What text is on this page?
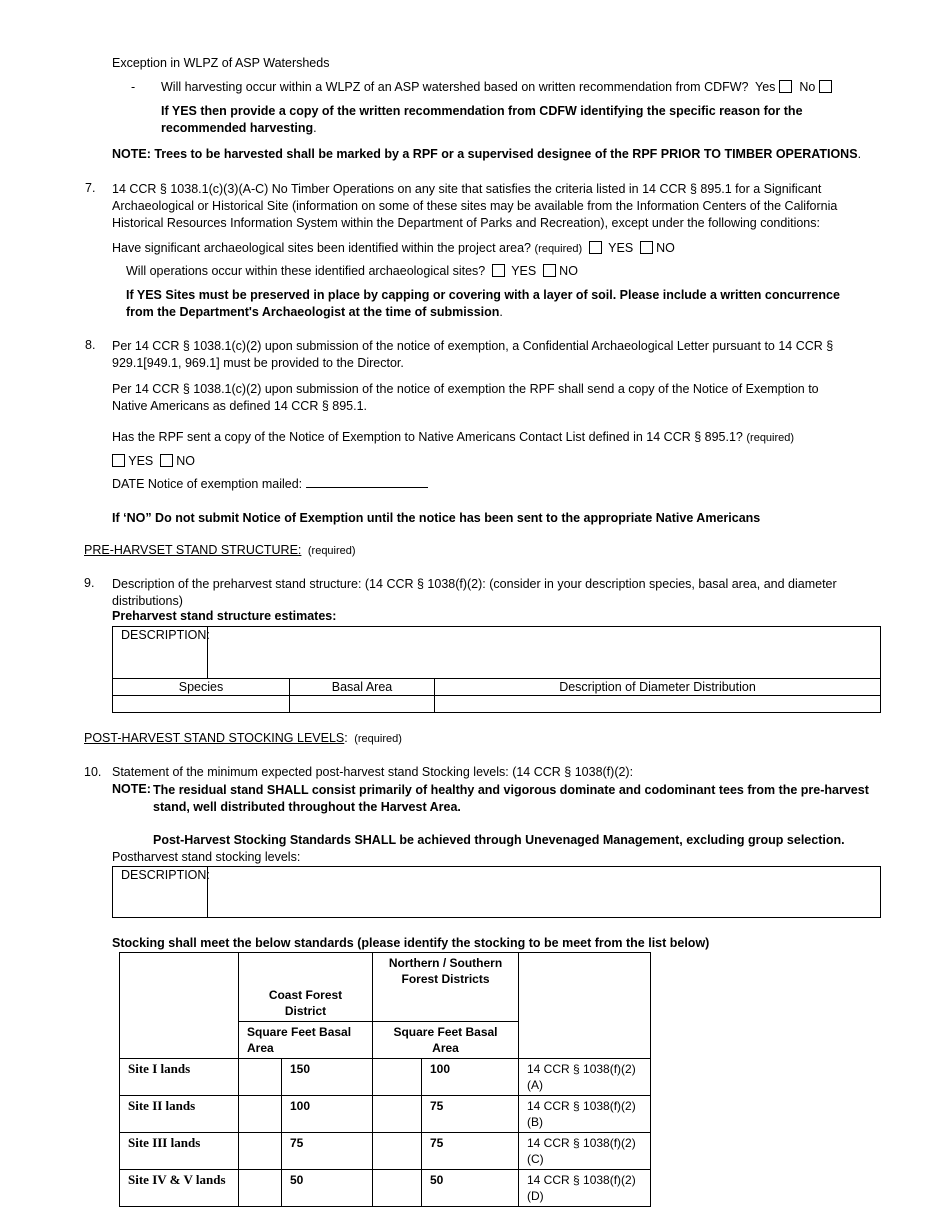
Exception in WLPZ of ASP Watersheds
- Will harvesting occur within a WLPZ of an ASP watershed based on written recommendation from CDFW? Yes No
If YES then provide a copy of the written recommendation from CDFW identifying the specific reason for the recommended harvesting.
NOTE: Trees to be harvested shall be marked by a RPF or a supervised designee of the RPF PRIOR TO TIMBER OPERATIONS.
7. 14 CCR § 1038.1(c)(3)(A-C) No Timber Operations on any site that satisfies the criteria listed in 14 CCR § 895.1 for a Significant Archaeological or Historical Site (information on some of these sites may be available from the Information Centers of the California Historical Resources Information System within the Department of Parks and Recreation), except under the following conditions:
Have significant archaeological sites been identified within the project area? (required) YES NO
Will operations occur within these identified archaeological sites? YES NO
If YES Sites must be preserved in place by capping or covering with a layer of soil. Please include a written concurrence from the Department's Archaeologist at the time of submission.
8. Per 14 CCR § 1038.1(c)(2) upon submission of the notice of exemption, a Confidential Archaeological Letter pursuant to 14 CCR § 929.1[949.1, 969.1] must be provided to the Director.
Per 14 CCR § 1038.1(c)(2) upon submission of the notice of exemption the RPF shall send a copy of the Notice of Exemption to Native Americans as defined 14 CCR § 895.1.
Has the RPF sent a copy of the Notice of Exemption to Native Americans Contact List defined in 14 CCR § 895.1? (required)
YES NO
DATE Notice of exemption mailed:
If ‘NO” Do not submit Notice of Exemption until the notice has been sent to the appropriate Native Americans
PRE-HARVSET STAND STRUCTURE: (required)
9. Description of the preharvest stand structure: (14 CCR § 1038(f)(2): (consider in your description species, basal area, and diameter distributions)
Preharvest stand structure estimates:
DESCRIPTION:
Species	Basal Area	Description of Diameter Distribution
POST-HARVEST STAND STOCKING LEVELS: (required)
10. Statement of the minimum expected post-harvest stand Stocking levels: (14 CCR § 1038(f)(2):
NOTE: The residual stand SHALL consist primarily of healthy and vigorous dominate and codominant tees from the pre-harvest stand, well distributed throughout the Harvest Area.
Post-Harvest Stocking Standards SHALL be achieved through Unevenaged Management, excluding group selection.
Postharvest stand stocking levels:
DESCRIPTION:
Stocking shall meet the below standards (please identify the stocking to be meet from the list below)
	Coast Forest District		Northern / Southern Forest Districts		
	Square Feet Basal Area		Square Feet Basal Area		
Site I lands		150		100	14 CCR § 1038(f)(2)(A)
Site II lands		100		75	14 CCR § 1038(f)(2)(B)
Site III lands		75		75	14 CCR § 1038(f)(2)(C)
Site IV & V lands		50		50	14 CCR § 1038(f)(2)(D)
